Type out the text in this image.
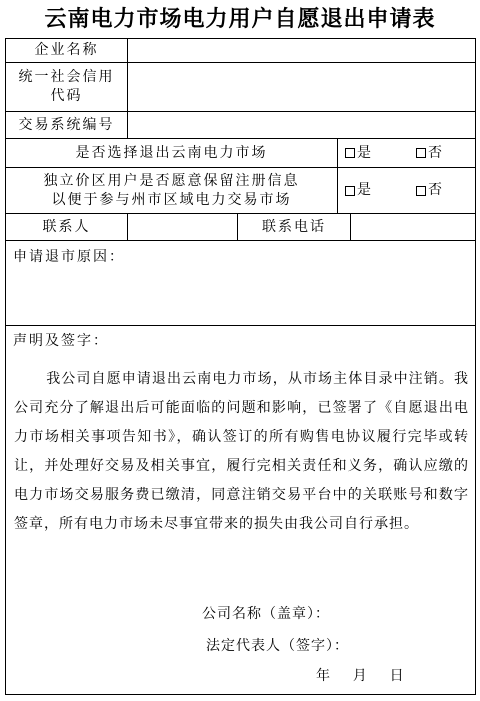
云南电力市场电力用户自愿退出申请表
企业名称
统一社会信用
代码
交易系统编号
是否选择退出云南电力市场	是	否
独立价区用户是否愿意保留注册信息
以便于参与州市区域电力交易市场
是	否
联系人	联系电话
申请退市原因：
声明及签字：
我公司自愿申请退出云南电力市场，从市场主体目录中注销。我公司充分了解退出后可能面临的问题和影响，已签署了《自愿退出电力市场相关事项告知书》，确认签订的所有购售电协议履行完毕或转让，并处理好交易及相关事宜，履行完相关责任和义务，确认应缴的电力市场交易服务费已缴清，同意注销交易平台中的关联账号和数字签章，所有电力市场未尽事宜带来的损失由我公司自行承担。
公司名称（盖章）：
法定代表人（签字）：
年    月    日
